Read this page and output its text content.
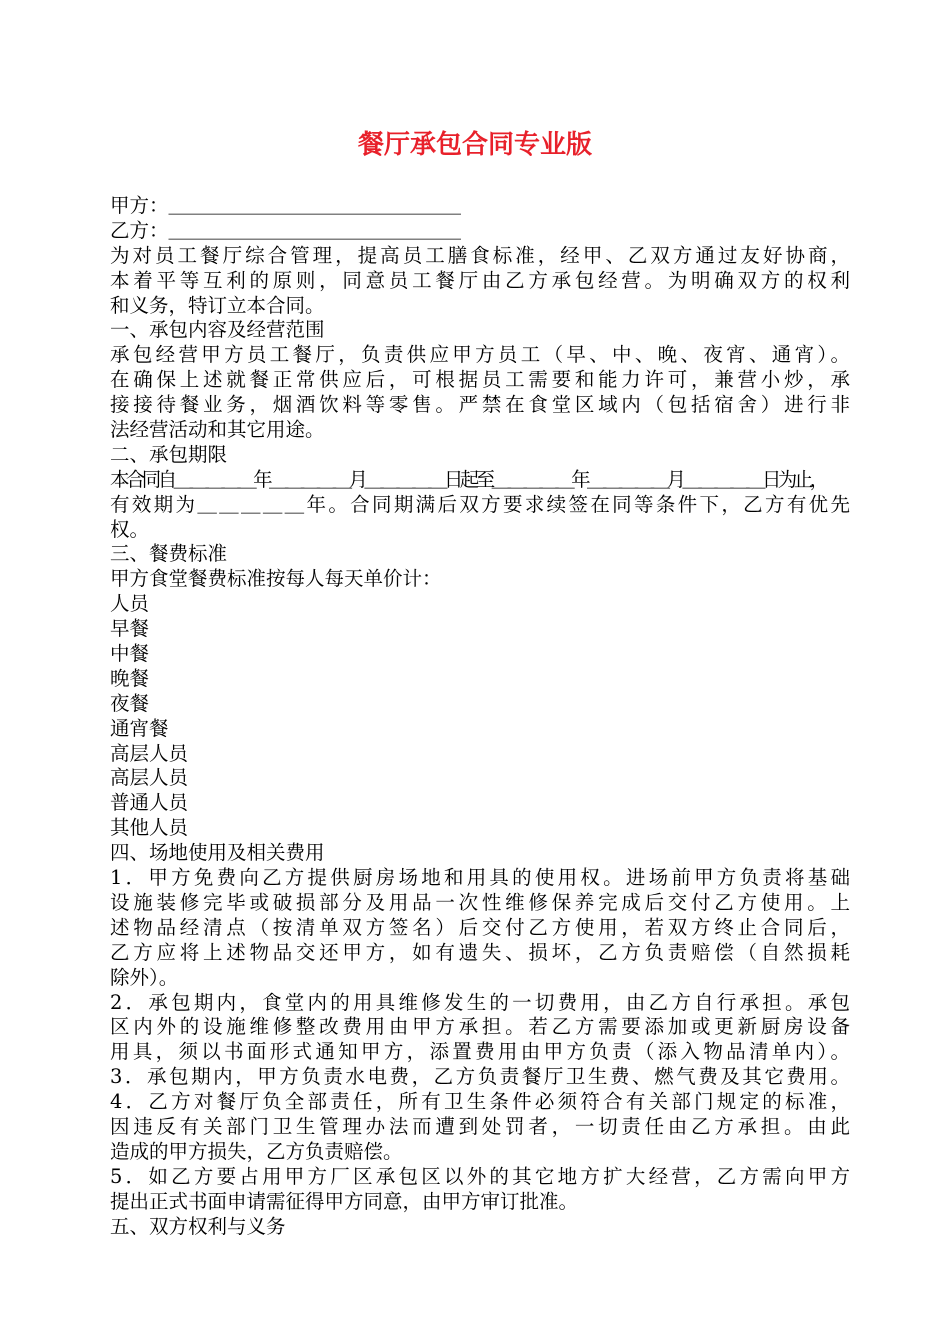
餐厅承包合同专业版
甲方：＿＿＿＿＿＿＿＿＿＿＿＿＿＿＿
乙方：＿＿＿＿＿＿＿＿＿＿＿＿＿＿＿
为对员工餐厅综合管理，提高员工膳食标准，经甲、乙双方通过友好协商，
本着平等互利的原则，同意员工餐厅由乙方承包经营。为明确双方的权利
和义务，特订立本合同。
一、承包内容及经营范围
承包经营甲方员工餐厅，负责供应甲方员工（早、中、晚、夜宵、通宵）。
在确保上述就餐正常供应后，可根据员工需要和能力许可，兼营小炒，承
接接待餐业务，烟酒饮料等零售。严禁在食堂区域内（包括宿舍）进行非
法经营活动和其它用途。
二、承包期限
本合同自＿＿＿＿＿年＿＿＿＿＿月＿＿＿＿＿日起至＿＿＿＿＿年＿＿＿＿＿月＿＿＿＿＿日为止，
有效期为＿＿＿＿＿年。合同期满后双方要求续签在同等条件下，乙方有优先
权。
三、餐费标准
甲方食堂餐费标准按每人每天单价计：
人员
早餐
中餐
晚餐
夜餐
通宵餐
高层人员
高层人员
普通人员
其他人员
四、场地使用及相关费用
1．甲方免费向乙方提供厨房场地和用具的使用权。进场前甲方负责将基础
设施装修完毕或破损部分及用品一次性维修保养完成后交付乙方使用。上
述物品经清点（按清单双方签名）后交付乙方使用，若双方终止合同后，
乙方应将上述物品交还甲方，如有遗失、损坏，乙方负责赔偿（自然损耗
除外）。
2．承包期内，食堂内的用具维修发生的一切费用，由乙方自行承担。承包
区内外的设施维修整改费用由甲方承担。若乙方需要添加或更新厨房设备
用具，须以书面形式通知甲方，添置费用由甲方负责（添入物品清单内）。
3．承包期内，甲方负责水电费，乙方负责餐厅卫生费、燃气费及其它费用。
4．乙方对餐厅负全部责任，所有卫生条件必须符合有关部门规定的标准，
因违反有关部门卫生管理办法而遭到处罚者，一切责任由乙方承担。由此
造成的甲方损失，乙方负责赔偿。
5．如乙方要占用甲方厂区承包区以外的其它地方扩大经营，乙方需向甲方
提出正式书面申请需征得甲方同意，由甲方审订批准。
五、双方权利与义务
